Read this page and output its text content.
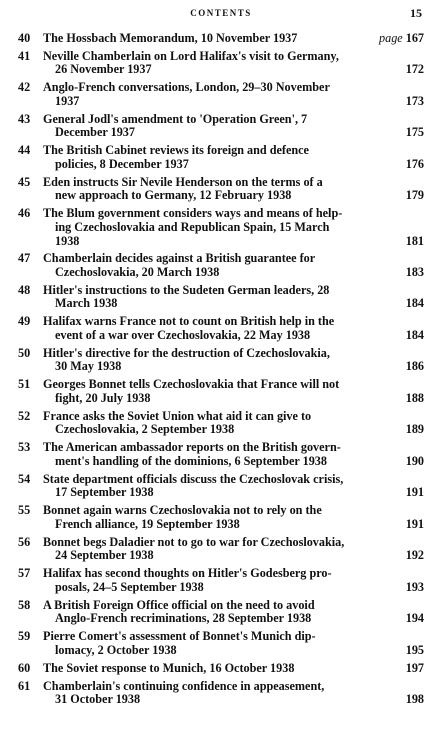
CONTENTS	15
40	The Hossbach Memorandum, 10 November 1937	page 167
41	Neville Chamberlain on Lord Halifax's visit to Germany,
26 November 1937	172
42	Anglo-French conversations, London, 29–30 November
1937	173
43	General Jodl's amendment to 'Operation Green', 7
December 1937	175
44	The British Cabinet reviews its foreign and defence
policies, 8 December 1937	176
45	Eden instructs Sir Nevile Henderson on the terms of a
new approach to Germany, 12 February 1938	179
46	The Blum government considers ways and means of help-
ing Czechoslovakia and Republican Spain, 15 March
1938	181
47	Chamberlain decides against a British guarantee for
Czechoslovakia, 20 March 1938	183
48	Hitler's instructions to the Sudeten German leaders, 28
March 1938	184
49	Halifax warns France not to count on British help in the
event of a war over Czechoslovakia, 22 May 1938	184
50	Hitler's directive for the destruction of Czechoslovakia,
30 May 1938	186
51	Georges Bonnet tells Czechoslovakia that France will not
fight, 20 July 1938	188
52	France asks the Soviet Union what aid it can give to
Czechoslovakia, 2 September 1938	189
53	The American ambassador reports on the British govern-
ment's handling of the dominions, 6 September 1938	190
54	State department officials discuss the Czechoslovak crisis,
17 September 1938	191
55	Bonnet again warns Czechoslovakia not to rely on the
French alliance, 19 September 1938	191
56	Bonnet begs Daladier not to go to war for Czechoslovakia,
24 September 1938	192
57	Halifax has second thoughts on Hitler's Godesberg pro-
posals, 24–5 September 1938	193
58	A British Foreign Office official on the need to avoid
Anglo-French recriminations, 28 September 1938	194
59	Pierre Comert's assessment of Bonnet's Munich dip-
lomacy, 2 October 1938	195
60	The Soviet response to Munich, 16 October 1938	197
61	Chamberlain's continuing confidence in appeasement,
31 October 1938	198
